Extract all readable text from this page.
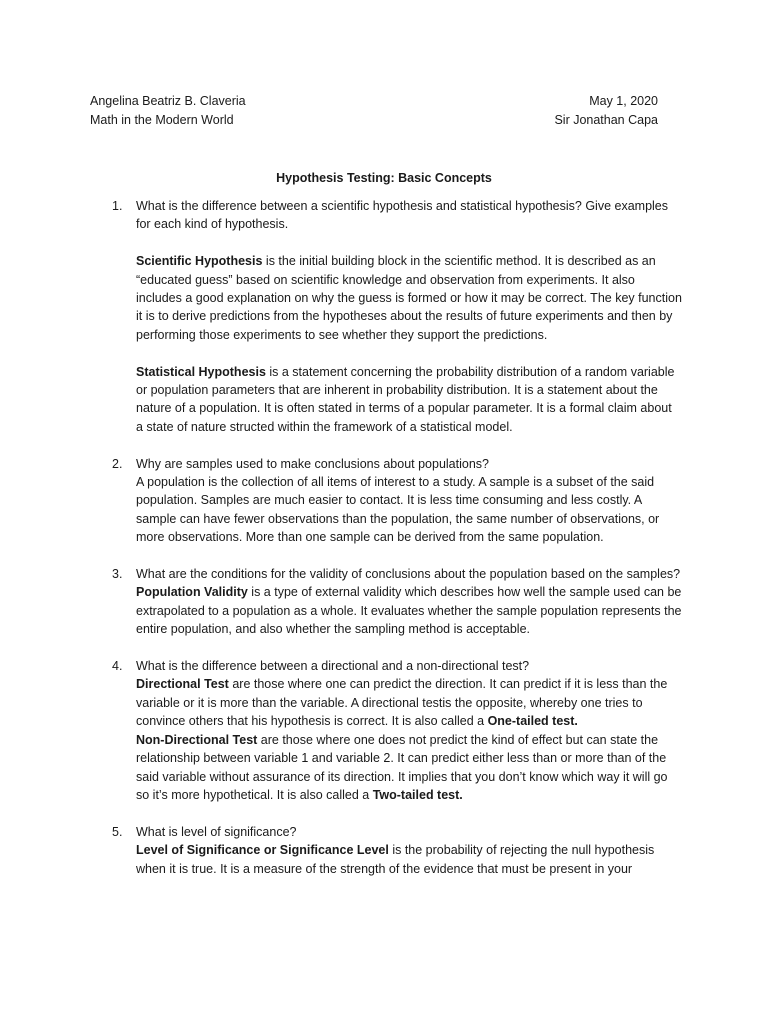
Angelina Beatriz B. Claveria
Math in the Modern World
May 1, 2020
Sir Jonathan Capa
Hypothesis Testing: Basic Concepts
1. What is the difference between a scientific hypothesis and statistical hypothesis? Give examples for each kind of hypothesis.

Scientific Hypothesis is the initial building block in the scientific method. It is described as an “educated guess” based on scientific knowledge and observation from experiments. It also includes a good explanation on why the guess is formed or how it may be correct. The key function it is to derive predictions from the hypotheses about the results of future experiments and then by performing those experiments to see whether they support the predictions.

Statistical Hypothesis is a statement concerning the probability distribution of a random variable or population parameters that are inherent in probability distribution. It is a statement about the nature of a population. It is often stated in terms of a popular parameter. It is a formal claim about a state of nature structed within the framework of a statistical model.

2. Why are samples used to make conclusions about populations?

A population is the collection of all items of interest to a study. A sample is a subset of the said population. Samples are much easier to contact. It is less time consuming and less costly. A sample can have fewer observations than the population, the same number of observations, or more observations. More than one sample can be derived from the same population.

3. What are the conditions for the validity of conclusions about the population based on the samples?

Population Validity is a type of external validity which describes how well the sample used can be extrapolated to a population as a whole. It evaluates whether the sample population represents the entire population, and also whether the sampling method is acceptable.

4. What is the difference between a directional and a non-directional test?

Directional Test are those where one can predict the direction. It can predict if it is less than the variable or it is more than the variable. A directional testis the opposite, whereby one tries to convince others that his hypothesis is correct. It is also called a One-tailed test.

Non-Directional Test are those where one does not predict the kind of effect but can state the relationship between variable 1 and variable 2. It can predict either less than or more than of the said variable without assurance of its direction. It implies that you don’t know which way it will go so it’s more hypothetical. It is also called a Two-tailed test.

5. What is level of significance?

Level of Significance or Significance Level is the probability of rejecting the null hypothesis when it is true. It is a measure of the strength of the evidence that must be present in your
